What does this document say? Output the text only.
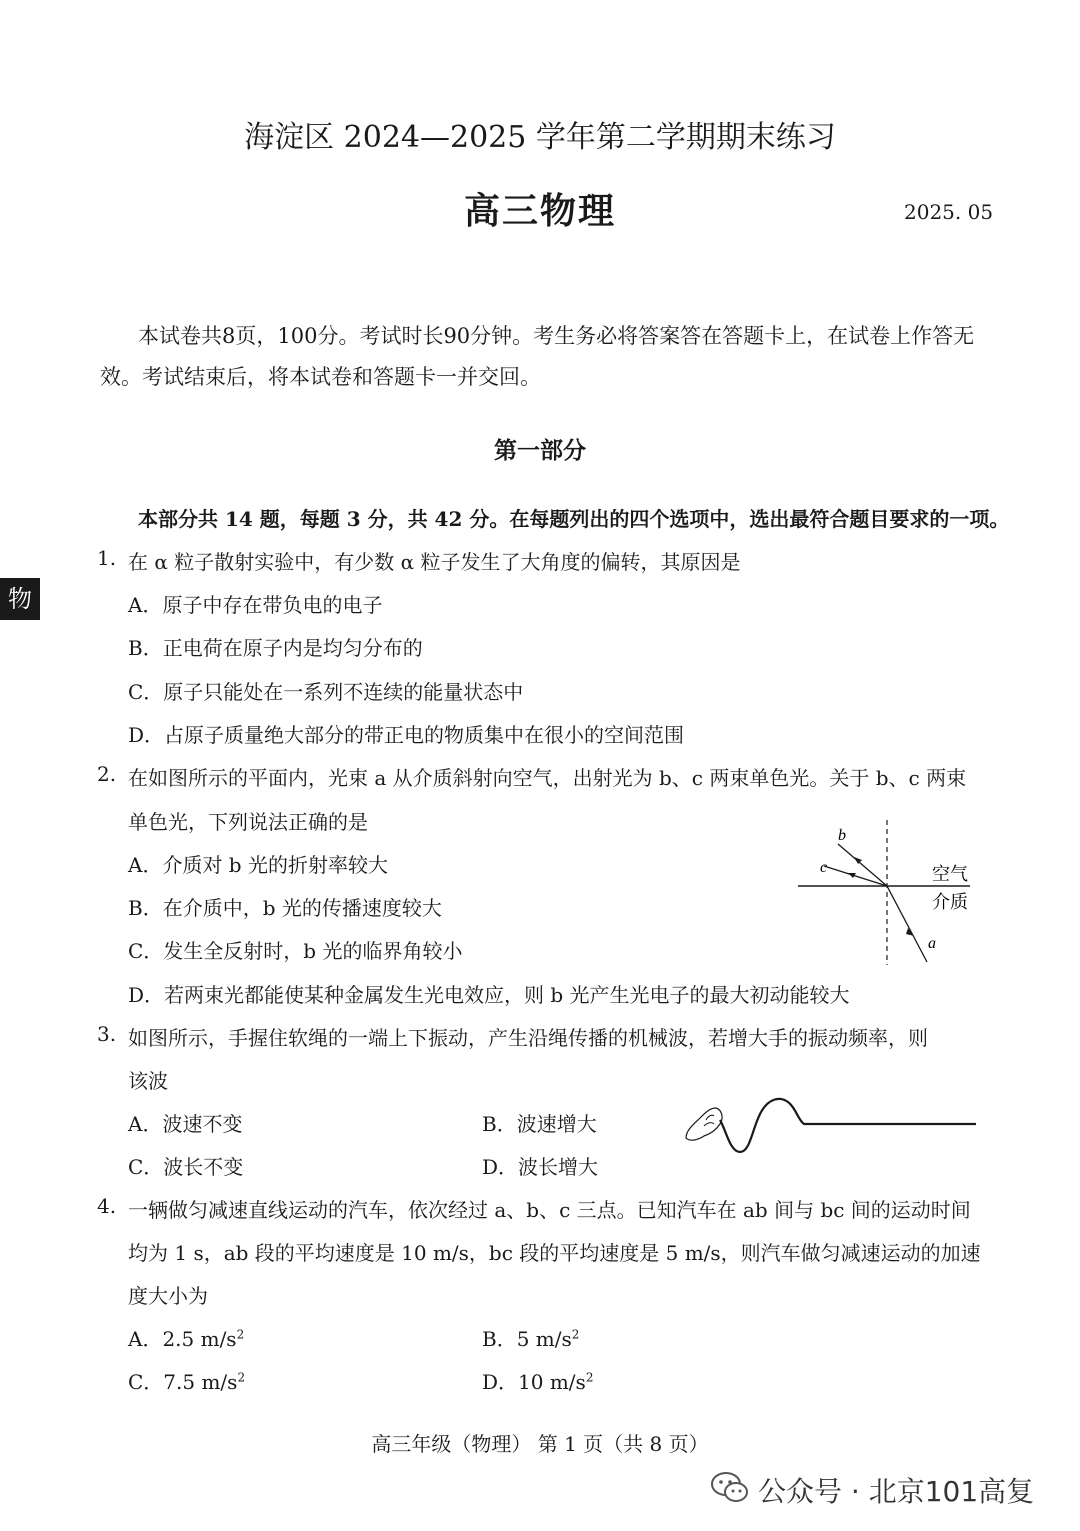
海淀区 2024—2025 学年第二学期期末练习
高三物理	2025. 05
本试卷共8页，100分。考试时长90分钟。考生务必将答案答在答题卡上，在试卷上作答无
效。考试结束后，将本试卷和答题卡一并交回。
第一部分
本部分共 14 题，每题 3 分，共 42 分。在每题列出的四个选项中，选出最符合题目要求的一项。
物
1. 在 α 粒子散射实验中，有少数 α 粒子发生了大角度的偏转，其原因是
A．原子中存在带负电的电子
B．正电荷在原子内是均匀分布的
C．原子只能处在一系列不连续的能量状态中
D．占原子质量绝大部分的带正电的物质集中在很小的空间范围
2. 在如图所示的平面内，光束 a 从介质斜射向空气，出射光为 b、c 两束单色光。关于 b、c 两束
单色光，下列说法正确的是
A．介质对 b 光的折射率较大
B．在介质中，b 光的传播速度较大
C．发生全反射时，b 光的临界角较小
D．若两束光都能使某种金属发生光电效应，则 b 光产生光电子的最大初动能较大
b
c
a
空气
介质
3. 如图所示，手握住软绳的一端上下振动，产生沿绳传播的机械波，若增大手的振动频率，则
该波
A．波速不变	B．波速增大
C．波长不变	D．波长增大
4. 一辆做匀减速直线运动的汽车，依次经过 a、b、c 三点。已知汽车在 ab 间与 bc 间的运动时间
均为 1 s，ab 段的平均速度是 10 m/s，bc 段的平均速度是 5 m/s，则汽车做匀减速运动的加速
度大小为
A．2.5 $m/s^2$	B．5 $m/s^2$
C．7.5 $m/s^2$	D．10 $m/s^2$
高三年级（物理） 第 1 页（共 8 页）
公众号 · 北京101高复
